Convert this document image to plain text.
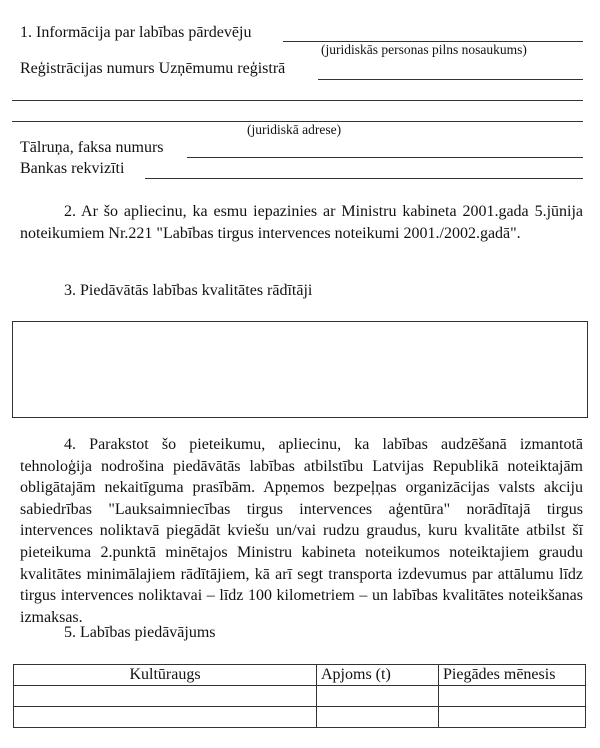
1. Informācija par labības pārdevēju
(juridiskās personas pilns nosaukums)
Reģistrācijas numurs Uzņēmumu reģistrā
(juridiskā adrese)
Tālruņa, faksa numurs
Bankas rekvizīti
2. Ar šo apliecinu, ka esmu iepazinies ar Ministru kabineta 2001.gada 5.jūnija noteikumiem Nr.221 "Labības tirgus intervences noteikumi 2001./2002.gadā".
3. Piedāvātās labības kvalitātes rādītāji
4. Parakstot šo pieteikumu, apliecinu, ka labības audzēšanā izmantotā tehnoloģija nodrošina piedāvātās labības atbilstību Latvijas Republikā noteiktajām obligātajām nekaitīguma prasībām. Apņemos bezpeļņas organizācijas valsts akciju sabiedrības "Lauksaimniecības tirgus intervences aģentūra" norādītajā tirgus intervences noliktavā piegādāt kviešu un/vai rudzu graudus, kuru kvalitāte atbilst šī pieteikuma 2.punktā minētajos Ministru kabineta noteikumos noteiktajiem graudu kvalitātes minimālajiem rādītājiem, kā arī segt transporta izdevumus par attālumu līdz tirgus intervences noliktavai – līdz 100 kilometriem – un labības kvalitātes noteikšanas izmaksas.
5. Labības piedāvājums
Kultūraugs	Apjoms (t)	Piegādes mēnesis
